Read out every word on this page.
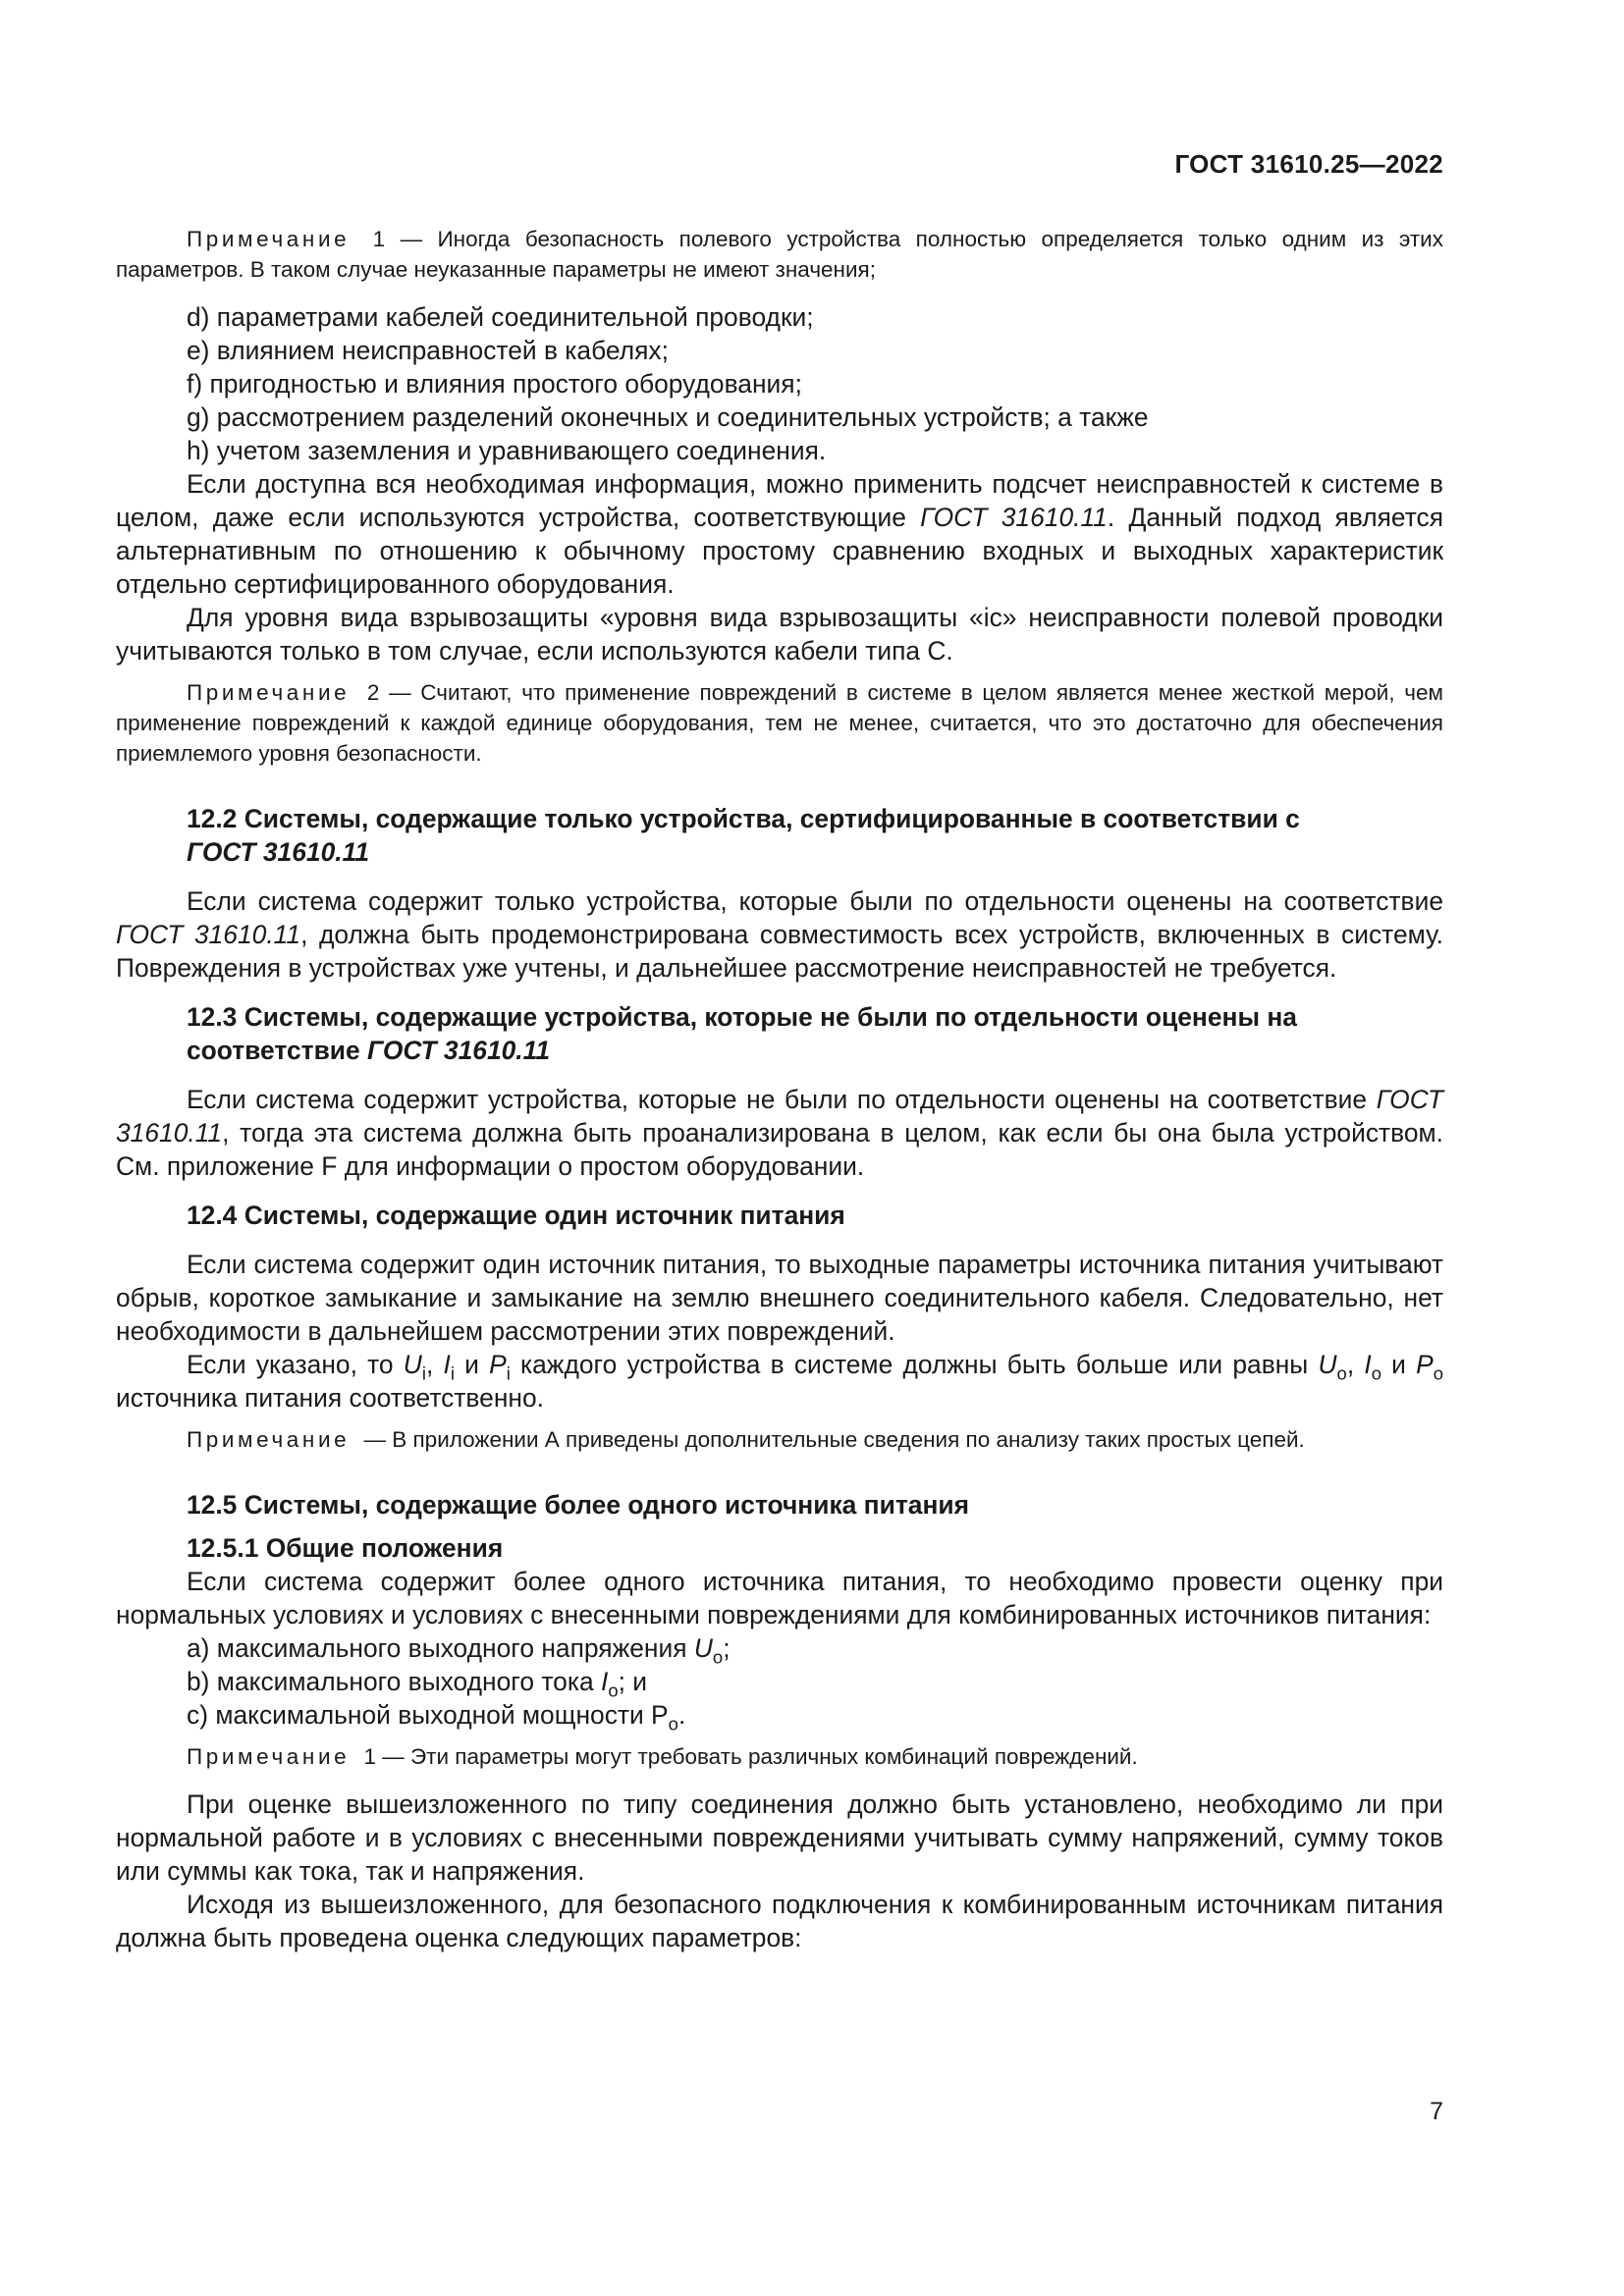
ГОСТ 31610.25—2022

Примечание 1 — Иногда безопасность полевого устройства полностью определяется только одним из этих параметров. В таком случае неуказанные параметры не имеют значения;

d) параметрами кабелей соединительной проводки;

e) влиянием неисправностей в кабелях;

f) пригодностью и влияния простого оборудования;

g) рассмотрением разделений оконечных и соединительных устройств; а также

h) учетом заземления и уравнивающего соединения.

Если доступна вся необходимая информация, можно применить подсчет неисправностей к системе в целом, даже если используются устройства, соответствующие ГОСТ 31610.11. Данный подход является альтернативным по отношению к обычному простому сравнению входных и выходных характеристик отдельно сертифицированного оборудования.

Для уровня вида взрывозащиты «уровня вида взрывозащиты «ic» неисправности полевой проводки учитываются только в том случае, если используются кабели типа С.

Примечание 2 — Считают, что применение повреждений в системе в целом является менее жесткой мерой, чем применение повреждений к каждой единице оборудования, тем не менее, считается, что это достаточно для обеспечения приемлемого уровня безопасности.

12.2 Системы, содержащие только устройства, сертифицированные в соответствии с ГОСТ 31610.11

Если система содержит только устройства, которые были по отдельности оценены на соответствие ГОСТ 31610.11, должна быть продемонстрирована совместимость всех устройств, включенных в систему. Повреждения в устройствах уже учтены, и дальнейшее рассмотрение неисправностей не требуется.

12.3 Системы, содержащие устройства, которые не были по отдельности оценены на соответствие ГОСТ 31610.11

Если система содержит устройства, которые не были по отдельности оценены на соответствие ГОСТ 31610.11, тогда эта система должна быть проанализирована в целом, как если бы она была устройством. См. приложение F для информации о простом оборудовании.

12.4 Системы, содержащие один источник питания

Если система содержит один источник питания, то выходные параметры источника питания учитывают обрыв, короткое замыкание и замыкание на землю внешнего соединительного кабеля. Следовательно, нет необходимости в дальнейшем рассмотрении этих повреждений.

Если указано, то $U_i$, $I_i$ и $P_i$ каждого устройства в системе должны быть больше или равны $U_o$, $I_o$ и $P_o$ источника питания соответственно.

Примечание — В приложении А приведены дополнительные сведения по анализу таких простых цепей.

12.5 Системы, содержащие более одного источника питания

12.5.1 Общие положения

Если система содержит более одного источника питания, то необходимо провести оценку при нормальных условиях и условиях с внесенными повреждениями для комбинированных источников питания:

a) максимального выходного напряжения $U_o$;

b) максимального выходного тока $I_o$; и

c) максимальной выходной мощности $P_o$.

Примечание 1 — Эти параметры могут требовать различных комбинаций повреждений.

При оценке вышеизложенного по типу соединения должно быть установлено, необходимо ли при нормальной работе и в условиях с внесенными повреждениями учитывать сумму напряжений, сумму токов или суммы как тока, так и напряжения.

Исходя из вышеизложенного, для безопасного подключения к комбинированным источникам питания должна быть проведена оценка следующих параметров:

7
